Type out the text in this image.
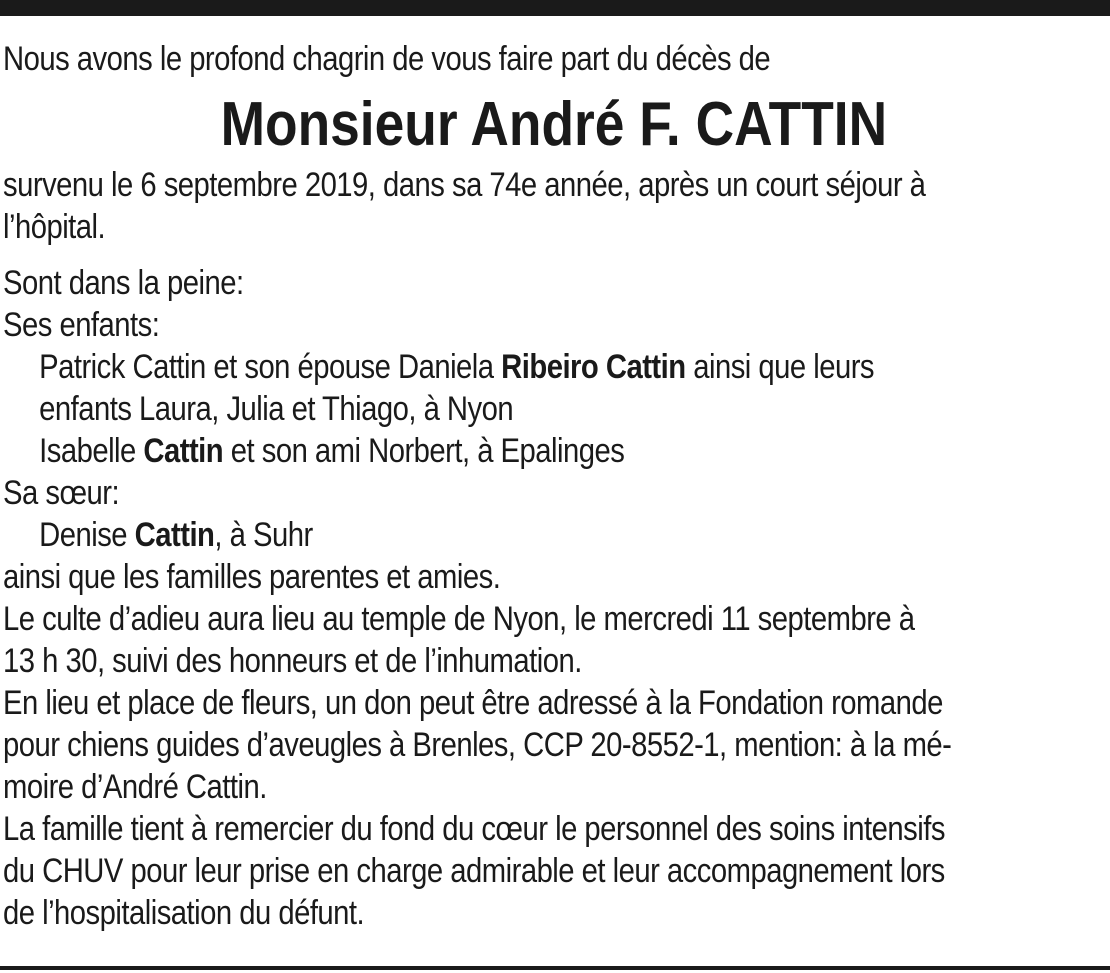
Nous avons le profond chagrin de vous faire part du décès de
Monsieur André F. CATTIN
survenu le 6 septembre 2019, dans sa 74e année, après un court séjour à
l’hôpital.
Sont dans la peine:
Ses enfants:
Patrick Cattin et son épouse Daniela Ribeiro Cattin ainsi que leurs
enfants Laura, Julia et Thiago, à Nyon
Isabelle Cattin et son ami Norbert, à Epalinges
Sa sœur:
Denise Cattin, à Suhr
ainsi que les familles parentes et amies.
Le culte d’adieu aura lieu au temple de Nyon, le mercredi 11 septembre à
13 h 30, suivi des honneurs et de l’inhumation.
En lieu et place de fleurs, un don peut être adressé à la Fondation romande
pour chiens guides d’aveugles à Brenles, CCP 20-8552-1, mention: à la mé-
moire d’André Cattin.
La famille tient à remercier du fond du cœur le personnel des soins intensifs
du CHUV pour leur prise en charge admirable et leur accompagnement lors
de l’hospitalisation du défunt.
